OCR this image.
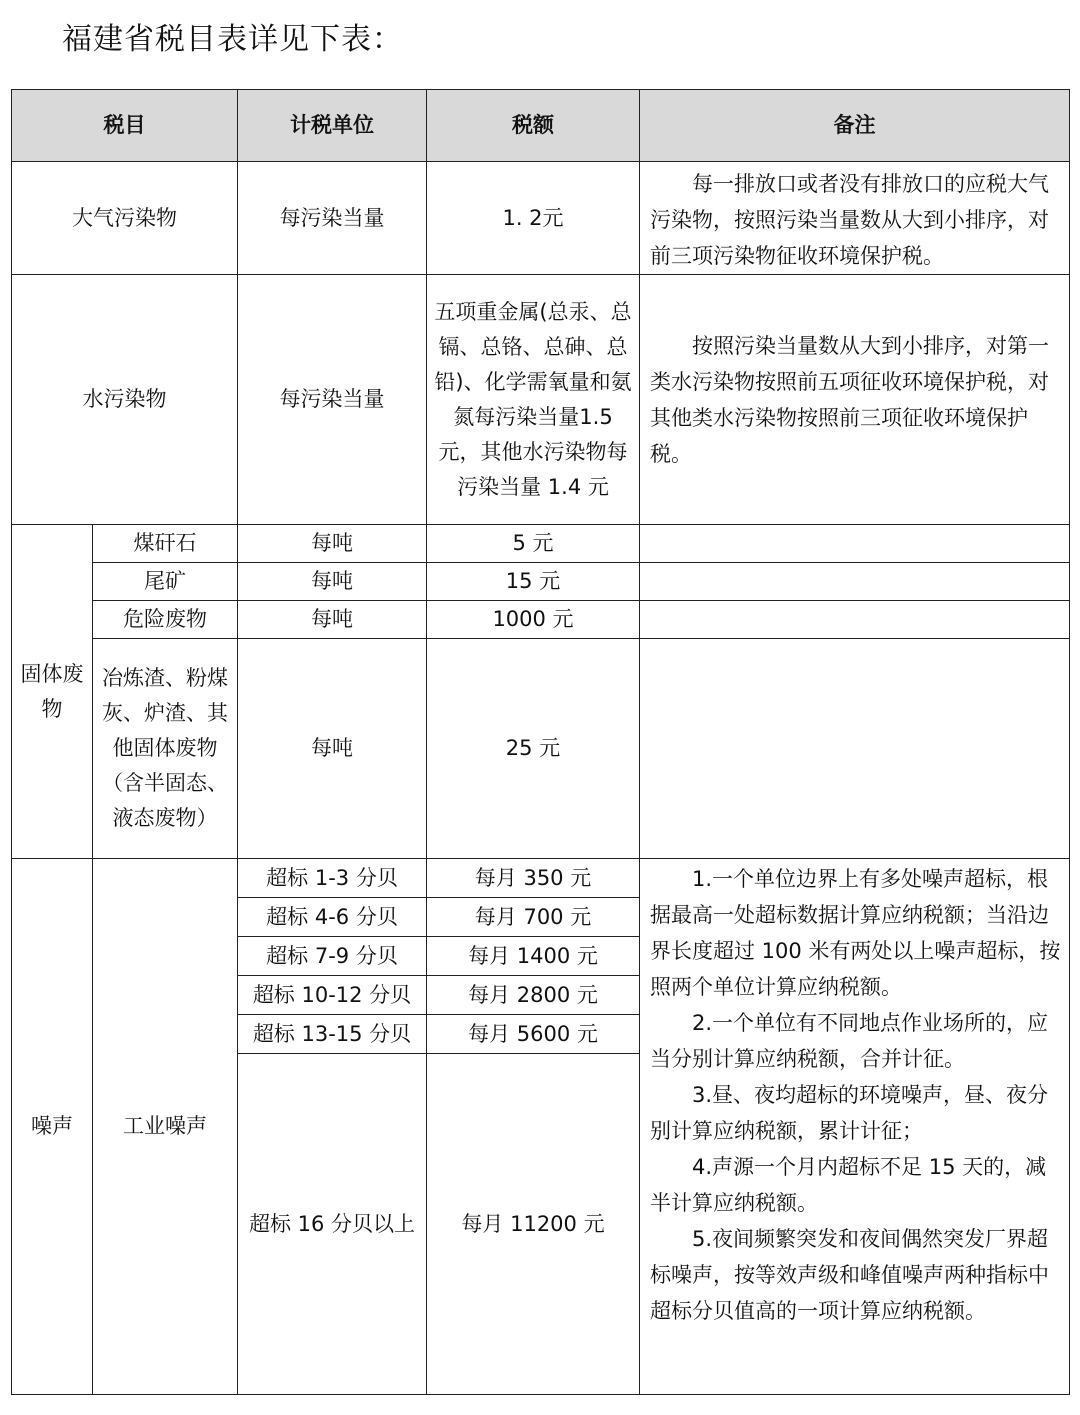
福建省税目表详见下表：
税目		计税单位	税额	备注
大气污染物		每污染当量	1. 2元	每一排放口或者没有排放口的应税大气污染物，按照污染当量数从大到小排序，对前三项污染物征收环境保护税。

水污染物		每污染当量	五项重金属(总汞、总镉、总铬、总砷、总铅)、化学需氧量和氨氮每污染当量1.5 元，其他水污染物每污染当量 1.4 元	按照污染当量数从大到小排序，对第一类水污染物按照前五项征收环境保护税，对其他类水污染物按照前三项征收环境保护税。

固体废物	煤矸石	每吨	5 元	
	尾矿	每吨	15 元	
	危险废物	每吨	1000 元	
	冶炼渣、粉煤灰、炉渣、其他固体废物（含半固态、液态废物）	每吨	25 元	
噪声	工业噪声	超标 1-3 分贝	每月 350 元	1.一个单位边界上有多处噪声超标，根据最高一处超标数据计算应纳税额；当沿边界长度超过 100 米有两处以上噪声超标，按照两个单位计算应纳税额。
2.一个单位有不同地点作业场所的，应当分别计算应纳税额，合并计征。
3.昼、夜均超标的环境噪声，昼、夜分别计算应纳税额，累计计征；
4.声源一个月内超标不足 15 天的，减半计算应纳税额。
5.夜间频繁突发和夜间偶然突发厂界超标噪声，按等效声级和峰值噪声两种指标中超标分贝值高的一项计算应纳税额。

		超标 4-6 分贝	每月 700 元	
		超标 7-9 分贝	每月 1400 元	
		超标 10-12 分贝	每月 2800 元	
		超标 13-15 分贝	每月 5600 元	
		超标 16 分贝以上	每月 11200 元	
